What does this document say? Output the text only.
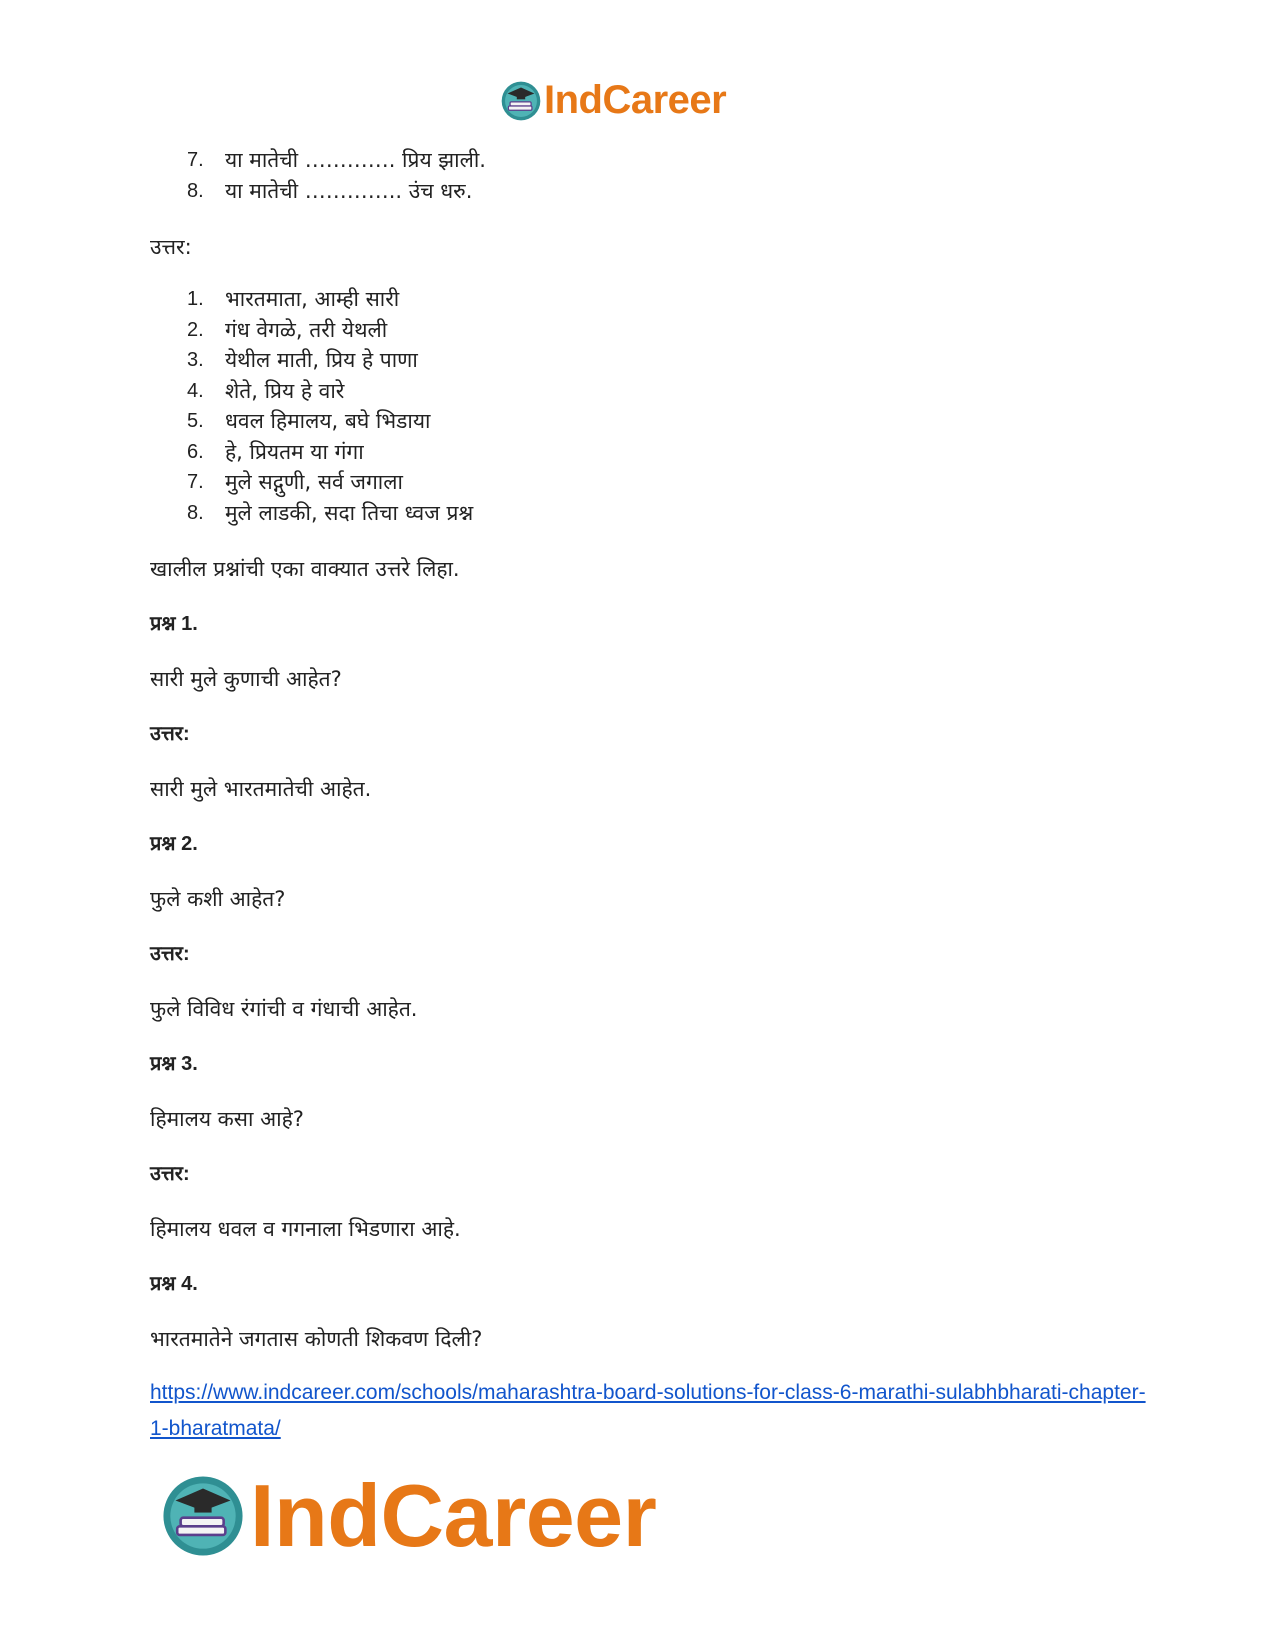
IndCareer
7. या मातेची …………. प्रिय झाली.
8. या मातेची ………….. उंच धरु.
उत्तर:
1. भारतमाता, आम्ही सारी
2. गंध वेगळे, तरी येथली
3. येथील माती, प्रिय हे पाणा
4. शेते, प्रिय हे वारे
5. धवल हिमालय, बघे भिडाया
6. हे, प्रियतम या गंगा
7. मुले सद्गुणी, सर्व जगाला
8. मुले लाडकी, सदा तिचा ध्वज प्रश्न
खालील प्रश्नांची एका वाक्यात उत्तरे लिहा.
प्रश्न 1.
सारी मुले कुणाची आहेत?
उत्तर:
सारी मुले भारतमातेची आहेत.
प्रश्न 2.
फुले कशी आहेत?
उत्तर:
फुले विविध रंगांची व गंधाची आहेत.
प्रश्न 3.
हिमालय कसा आहे?
उत्तर:
हिमालय धवल व गगनाला भिडणारा आहे.
प्रश्न 4.
भारतमातेने जगतास कोणती शिकवण दिली?
https://www.indcareer.com/schools/maharashtra-board-solutions-for-class-6-marathi-sulabhbharati-chapter-1-bharatmata/
IndCareer
